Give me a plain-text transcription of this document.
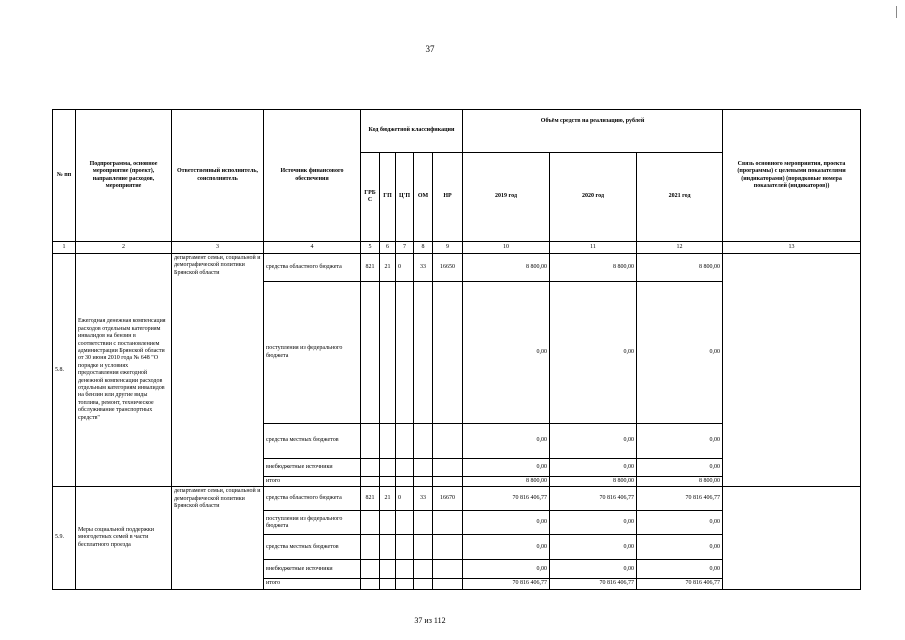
37
№ пп	Подпрограмма, основное мероприятие (проект), направление расходов, мероприятие	Ответственный исполнитель, соисполнитель	Источник финансового обеспечения	Код бюджетной классификации					Объём средств на реализацию, рублей			Связь основного мероприятия, проекта (программы) с целевыми показателями (индикаторами) (порядковые номера показателей (индикаторов))
				ГРБ С	ГП	Ц'П	ОМ	НР	2019 год	2020 год	2021 год	
1	2	3	4	5	6	7	8	9	10	11	12	13
5.8.	Ежегодная денежная компенсация расходов отдельным категориям инвалидов на бензин в соответствии с постановлением администрации Брянской области от 30 июня 2010 года № 648 "О порядке и условиях предоставления ежегодной денежной компенсации расходов отдельным категориям инвалидов на бензин или другие виды топлива, ремонт, техническое обслуживание транспортных средств"	департамент семьи, социальной и демографической политики Брянской области	средства областного бюджета	821	21	0	33	16650	8 800,00	8 800,00	8 800,00	
			поступления из федерального бюджета						0,00	0,00	0,00	
			средства местных бюджетов						0,00	0,00	0,00	
			внебюджетные источники						0,00	0,00	0,00	
			итого						8 800,00	8 800,00	8 800,00	
5.9.	Меры социальной поддержки многодетных семей в части бесплатного проезда	департамент семьи, социальной и демографической политики Брянской области	средства областного бюджета	821	21	0	33	16670	70 816 406,77	70 816 406,77	70 816 406,77	
			поступления из федерального бюджета						0,00	0,00	0,00	
			средства местных бюджетов						0,00	0,00	0,00	
			внебюджетные источники						0,00	0,00	0,00	
			итого						70 816 406,77	70 816 406,77	70 816 406,77	
37 из 112
